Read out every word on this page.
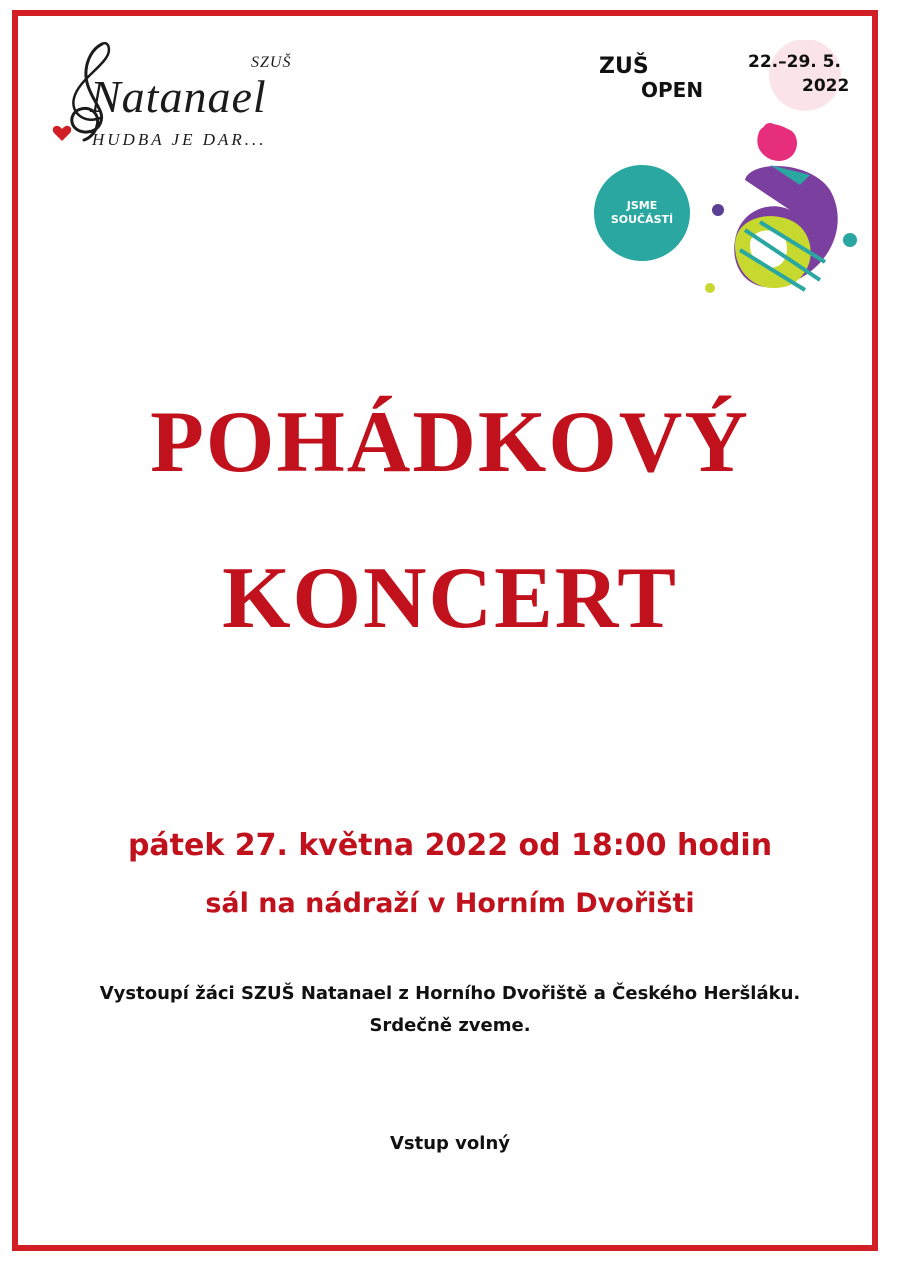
SZUŠ
Natanael
HUDBA JE DAR...
ZUŠ
OPEN
22.–29. 5.
2022
JSME
SOUČÁSTÍ
POHÁDKOVÝ
KONCERT
pátek 27. května 2022 od 18:00 hodin
sál na nádraží v Horním Dvořišti
Vystoupí žáci SZUŠ Natanael z Horního Dvořiště a Českého Heršláku.
Srdečně zveme.
Vstup volný
